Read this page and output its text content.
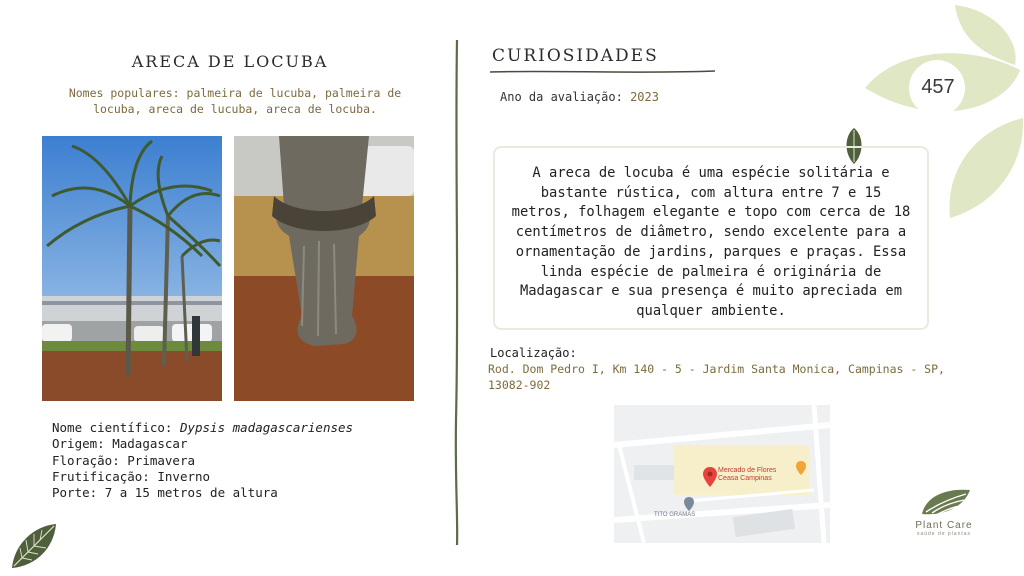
457
ARECA DE LOCUBA
Nomes populares: palmeira de lucuba, palmeira de locuba, areca de lucuba, areca de locuba.
Nome científico: Dypsis madagascarienses
Origem: Madagascar
Floração: Primavera
Frutificação: Inverno
Porte: 7 a 15 metros de altura
CURIOSIDADES
Ano da avaliação: 2023
A areca de locuba é uma espécie solitária e bastante rústica, com altura entre 7 e 15 metros, folhagem elegante e topo com cerca de 18 centímetros de diâmetro, sendo excelente para a ornamentação de jardins, parques e praças. Essa linda espécie de palmeira é originária de Madagascar e sua presença é muito apreciada em qualquer ambiente.
Localização:
Rod. Dom Pedro I, Km 140 - 5 - Jardim Santa Monica, Campinas - SP, 13082-902
Mercado de Flores
Ceasa Campinas
TITO GRAMAS
Plant Care
saúde de plantas
